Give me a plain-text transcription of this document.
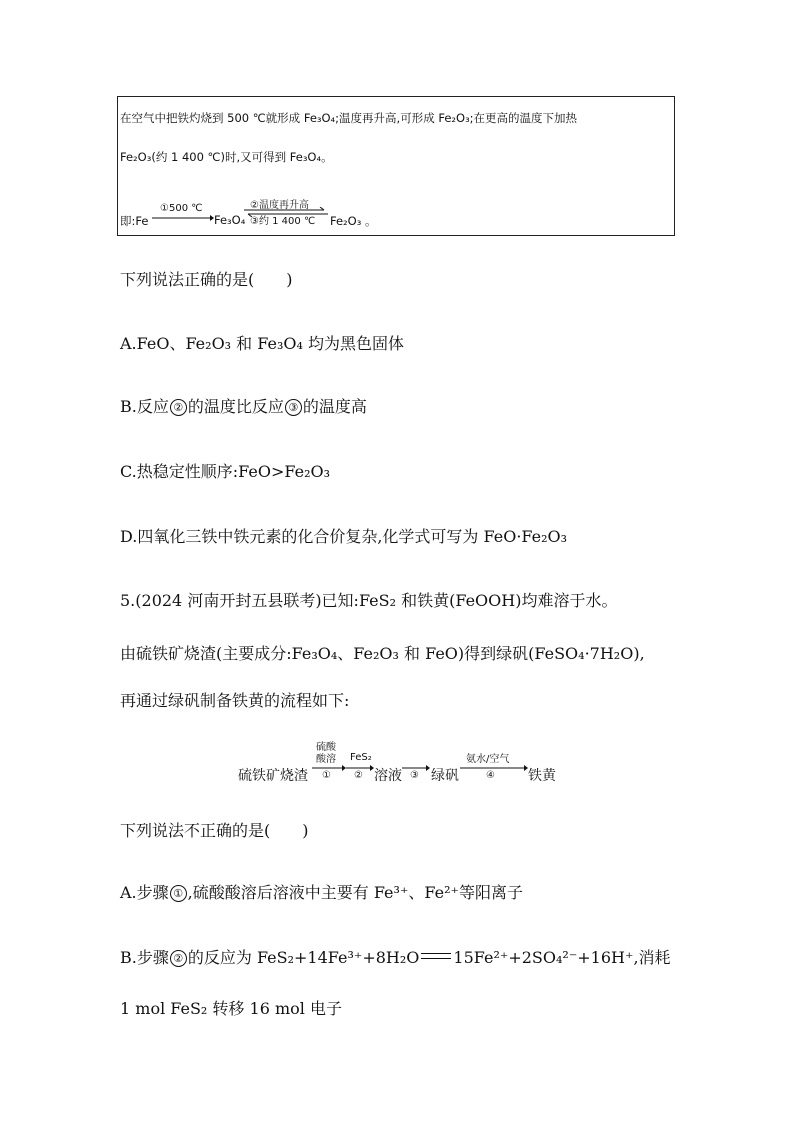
在空气中把铁灼烧到 500 ℃就形成 Fe₃O₄;温度再升高,可形成 Fe₂O₃;在更高的温度下加热
Fe₂O₃(约 1 400 ℃)时,又可得到 Fe₃O₄。
即:Fe
①500 ℃
Fe₃O₄
②温度再升高
③约 1 400 ℃ Fe₂O₃ 。
下列说法正确的是(　　)
A.FeO、Fe₂O₃ 和 Fe₃O₄ 均为黑色固体
B.反应 ② 的温度比反应 ③ 的温度高
C.热稳定性顺序:FeO>Fe₂O₃
D.四氧化三铁中铁元素的化合价复杂,化学式可写为 FeO·Fe₂O₃
5.(2024 河南开封五县联考)已知:FeS₂ 和铁黄(FeOOH)均难溶于水。
由硫铁矿烧渣(主要成分:Fe₃O₄、Fe₂O₃ 和 FeO)得到绿矾(FeSO₄·7H₂O),
再通过绿矾制备铁黄的流程如下:
硫铁矿烧渣
硫酸
酸溶
①
FeS₂
② 溶液 ③ 绿矾
氨水/空气
④ 铁黄
下列说法不正确的是(　　)
A.步骤 ① ,硫酸酸溶后溶液中主要有 Fe³⁺、Fe²⁺等阳离子
B.步骤 ② 的反应为 FeS₂+14Fe³⁺+8H₂O 15Fe²⁺+2SO₄²⁻+16H⁺,消耗
1 mol FeS₂ 转移 16 mol 电子
